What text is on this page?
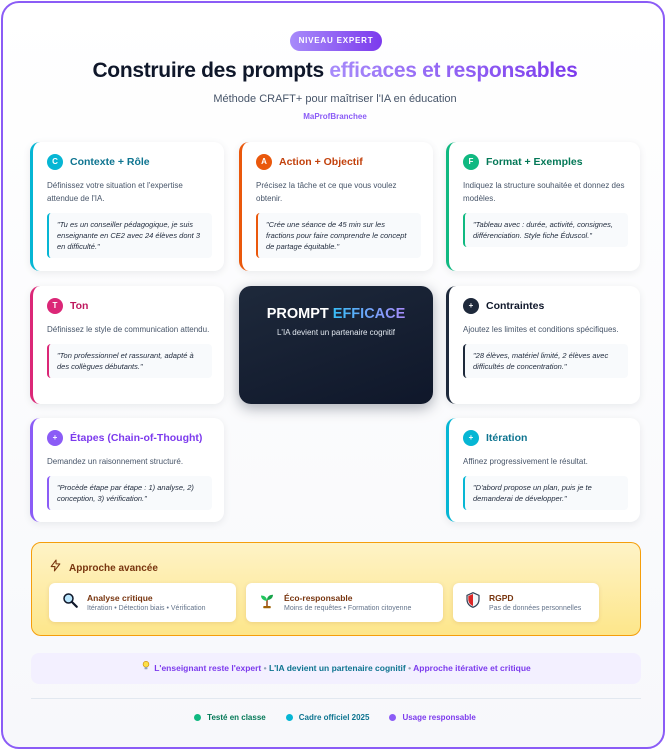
NIVEAU EXPERT
Construire des prompts efficaces et responsables
Méthode CRAFT+ pour maîtriser l'IA en éducation
MaProfBranchee
C	Contexte + Rôle
Définissez votre situation et l'expertise attendue de l'IA.
"Tu es un conseiller pédagogique, je suis enseignante en CE2 avec 24 élèves dont 3 en difficulté."
A	Action + Objectif
Précisez la tâche et ce que vous voulez obtenir.
"Crée une séance de 45 min sur les fractions pour faire comprendre le concept de partage équitable."
F	Format + Exemples
Indiquez la structure souhaitée et donnez des modèles.
"Tableau avec : durée, activité, consignes, différenciation. Style fiche Éduscol."
T	Ton
Définissez le style de communication attendu.
"Ton professionnel et rassurant, adapté à des collègues débutants."
PROMPT EFFICACE
L'IA devient un partenaire cognitif
+	Contraintes
Ajoutez les limites et conditions spécifiques.
"28 élèves, matériel limité, 2 élèves avec difficultés de concentration."
+	Étapes (Chain-of-Thought)
Demandez un raisonnement structuré.
"Procède étape par étape : 1) analyse, 2) conception, 3) vérification."
+	Itération
Affinez progressivement le résultat.
"D'abord propose un plan, puis je te demanderai de développer."
Approche avancée
Analyse critique
Itération • Détection biais • Vérification
Éco-responsable
Moins de requêtes • Formation citoyenne
RGPD
Pas de données personnelles
L'enseignant reste l'expert • L'IA devient un partenaire cognitif • Approche itérative et critique
Testé en classe	Cadre officiel 2025	Usage responsable
